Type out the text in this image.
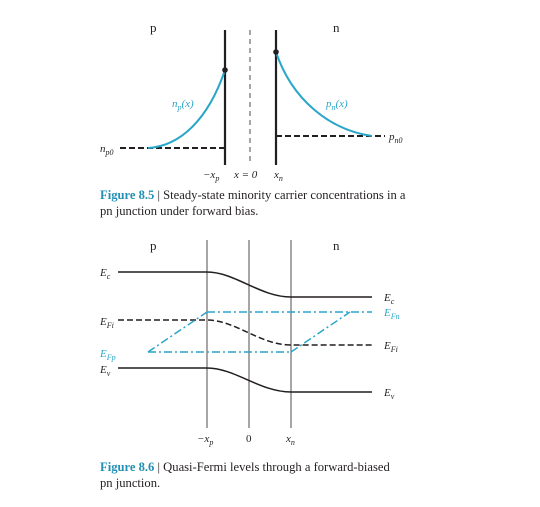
p	n
$n_p(x)$	$p_n(x)$
$n_{p0}$
$p_{n0}$
$-x_p$ x = 0 $x_n$
p	n
$E_c$
$E_{Fi}$
$E_{Fp}$
$E_v$
$E_c$
$E_{Fn}$
$E_{Fi}$
$E_v$
$-x_p$	0	$x_n$
Figure 8.5 | Steady-state minority carrier concentrations in a pn junction under forward bias.
Figure 8.6 | Quasi-Fermi levels through a forward-biased pn junction.
